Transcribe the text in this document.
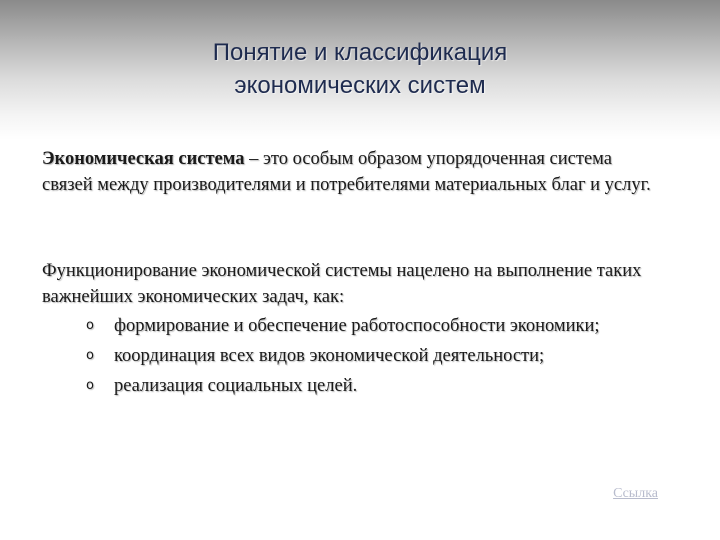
Понятие и классификация
экономических систем
Экономическая система – это особым образом упорядоченная система связей между производителями и потребителями материальных благ и услуг.
Функционирование экономической системы нацелено на выполнение таких важнейших экономических задач, как:
o формирование и обеспечение работоспособности экономики;
o координация всех видов экономической деятельности;
o реализация социальных целей.
Ссылка
